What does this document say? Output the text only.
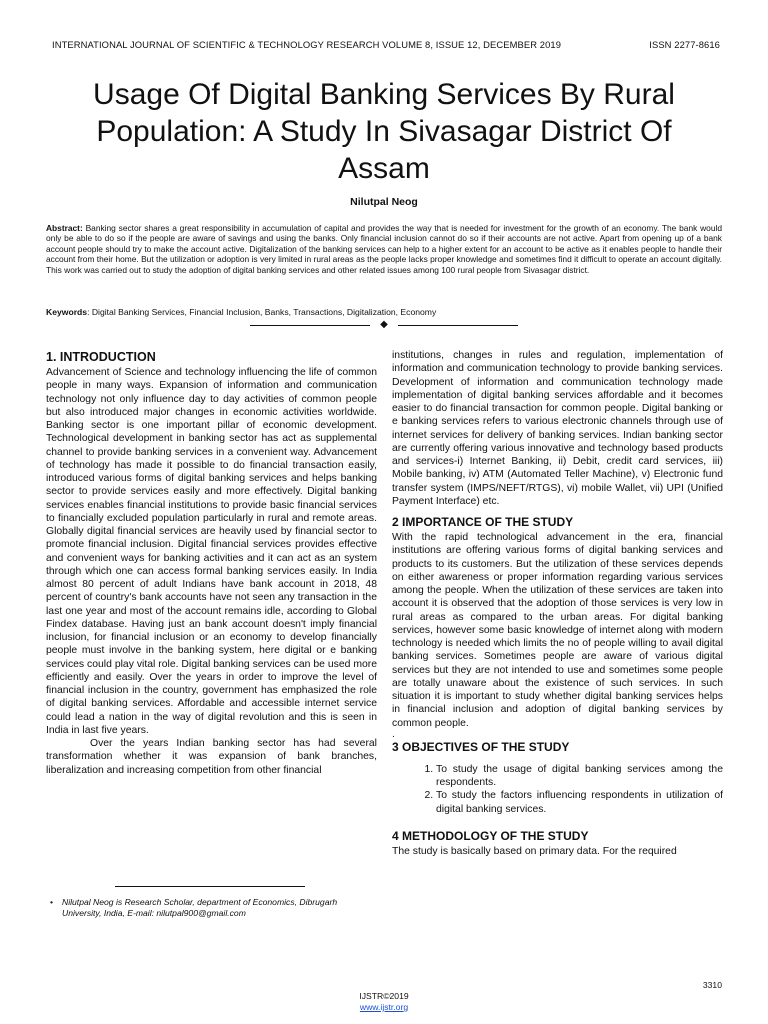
INTERNATIONAL JOURNAL OF SCIENTIFIC & TECHNOLOGY RESEARCH VOLUME 8, ISSUE 12, DECEMBER 2019	ISSN 2277-8616
Usage Of Digital Banking Services By Rural Population: A Study In Sivasagar District Of Assam
Nilutpal Neog
Abstract: Banking sector shares a great responsibility in accumulation of capital and provides the way that is needed for investment for the growth of an economy. The bank would only be able to do so if the people are aware of savings and using the banks. Only financial inclusion cannot do so if their accounts are not active. Apart from opening up of a bank account people should try to make the account active. Digitalization of the banking services can help to a higher extent for an account to be active as it enables people to handle their account from their home. But the utilization or adoption is very limited in rural areas as the people lacks proper knowledge and sometimes find it difficult to operate an account digitally. This work was carried out to study the adoption of digital banking services and other related issues among 100 rural people from Sivasagar district.
Keywords: Digital Banking Services, Financial Inclusion, Banks, Transactions, Digitalization, Economy
◆
1. INTRODUCTION

Advancement of Science and technology influencing the life of common people in many ways. Expansion of information and communication technology not only influence day to day activities of common people but also introduced major changes in economic activities worldwide. Banking sector is one important pillar of economic development. Technological development in banking sector has act as supplemental channel to provide banking services in a convenient way. Advancement of technology has made it possible to do financial transaction easily, introduced various forms of digital banking services and helps banking sector to provide services easily and more effectively. Digital banking services enables financial institutions to provide basic financial services to financially excluded population particularly in rural and remote areas. Globally digital financial services are heavily used by financial sector to promote financial inclusion. Digital financial services provides effective and convenient ways for banking activities and it can act as an system through which one can access formal banking services easily. In India almost 80 percent of adult Indians have bank account in 2018, 48 percent of country's bank accounts have not seen any transaction in the last one year and most of the account remains idle, according to Global Findex database. Having just an bank account doesn't imply financial inclusion, for financial inclusion or an economy to develop financially people must involve in the banking system, here digital or e banking services could play vital role. Digital banking services can be used more efficiently and easily. Over the years in order to improve the level of financial inclusion in the country, government has emphasized the role of digital banking services. Affordable and accessible internet service could lead a nation in the way of digital revolution and this is seen in India in last five years.

Over the years Indian banking sector has had several transformation whether it was expansion of bank branches, liberalization and increasing competition from other financial

institutions, changes in rules and regulation, implementation of information and communication technology to provide banking services. Development of information and communication technology made implementation of digital banking services affordable and it becomes easier to do financial transaction for common people. Digital banking or e banking services refers to various electronic channels through use of internet services for delivery of banking services. Indian banking sector are currently offering various innovative and technology based products and services-i) Internet Banking, ii) Debit, credit card services, iii) Mobile banking, iv) ATM (Automated Teller Machine), v) Electronic fund transfer system (IMPS/NEFT/RTGS), vi) mobile Wallet, vii) UPI (Unified Payment Interface) etc.

2 IMPORTANCE OF THE STUDY

With the rapid technological advancement in the era, financial institutions are offering various forms of digital banking services and products to its customers. But the utilization of these services depends on either awareness or proper information regarding various services among the people. When the utilization of these services are taken into account it is observed that the adoption of those services is very low in rural areas as compared to the urban areas. For digital banking services, however some basic knowledge of internet along with modern technology is needed which limits the no of people willing to avail digital banking services. Sometimes people are aware of various digital services but they are not intended to use and sometimes some people are totally unaware about the existence of such services. In such situation it is important to study whether digital banking services helps in financial inclusion and adoption of digital banking services by common people.

.

3 OBJECTIVES OF THE STUDY
1. To study the usage of digital banking services among the respondents.
2. To study the factors influencing respondents in utilization of digital banking services.
4 METHODOLOGY OF THE STUDY

The study is basically based on primary data. For the required

•	Nilutpal Neog is Research Scholar, department of Economics, Dibrugarh University, India, E-mail: nilutpal900@gmail.com
3310
IJSTR©2019
www.ijstr.org
